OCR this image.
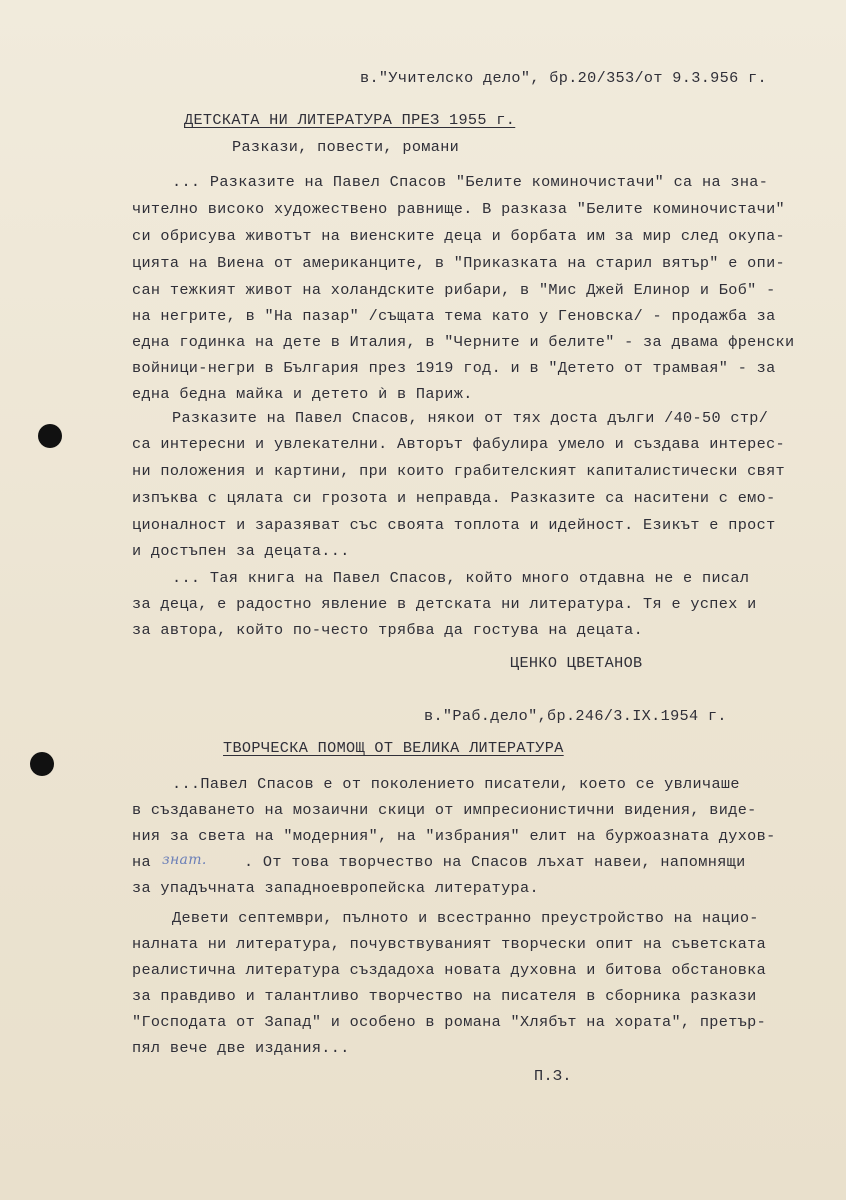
в."Учителско дело", бр.20/353/от 9.3.956 г.
ДЕТСКАТА НИ ЛИТЕРАТУРА ПРЕЗ 1955 г.
Разкази, повести, романи
... Разказите на Павел Спасов "Белите коминочистачи" са на зна-
чително високо художествено равнище. В разказа "Белите коминочистачи"
си обрисува животът на виенските деца и борбата им за мир след окупа-
цията на Виена от американците, в "Приказката на старил вятър" е опи-
сан тежкият живот на холандските рибари, в "Мис Джей Елинор и Боб" -
на негрите, в "На пазар" /същата тема като у Геновска/ - продажба за
една годинка на дете в Италия, в "Черните и белите" - за двама френски
войници-негри в България през 1919 год. и в "Детето от трамвая" - за
една бедна майка и детето ѝ в Париж.
Разказите на Павел Спасов, някои от тях доста дълги /40-50 стр/
са интересни и увлекателни. Авторът фабулира умело и създава интерес-
ни положения и картини, при които грабителският капиталистически свят
изпъква с цялата си грозота и неправда. Разказите са наситени с емо-
ционалност и заразяват със своята топлота и идейност. Езикът е прост
и достъпен за децата...
... Тая книга на Павел Спасов, който много отдавна не е писал
за деца, е радостно явление в детската ни литература. Тя е успех и
за автора, който по-често трябва да гостува на децата.
ЦЕНКО ЦВЕТАНОВ
в."Раб.дело",бр.246/3.IX.1954 г.
ТВОРЧЕСКА ПОМОЩ ОТ ВЕЛИКА ЛИТЕРАТУРА
...Павел Спасов е от поколението писатели, което се увличаше
в създаването на мозаични скици от импресионистични видения, виде-
ния за света на "модерния", на "избрания" елит на буржоазната духов-
на знат. . От това творчество на Спасов лъхат навеи, напомнящи
за упадъчната западноевропейска литература.
Девети септември, пълното и всестранно преустройство на нацио-
налната ни литература, почувствуваният творчески опит на съветската
реалистична литература създадоха новата духовна и битова обстановка
за правдиво и талантливо творчество на писателя в сборника разкази
"Господата от Запад" и особено в романа "Хлябът на хората", претър-
пял вече две издания...
П.З.
